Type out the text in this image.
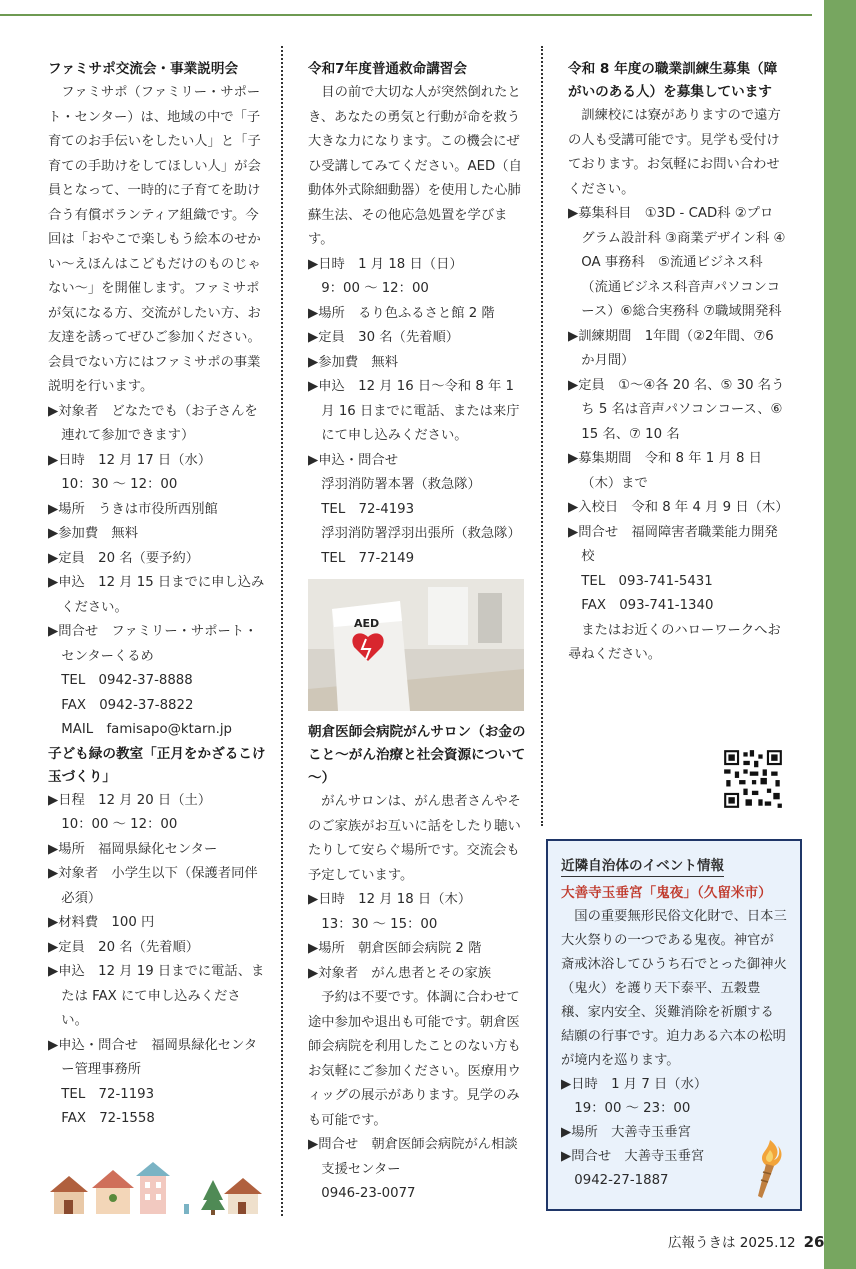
ファミサポ交流会・事業説明会
ファミサポ（ファミリー・サポート・センター）は、地域の中で「子育てのお手伝いをしたい人」と「子育ての手助けをしてほしい人」が会員となって、一時的に子育てを助け合う有償ボランティア組織です。今回は「おやこで楽しもう絵本のせかい～えほんはこどもだけのものじゃない～」を開催します。ファミサポが気になる方、交流がしたい方、お友達を誘ってぜひご参加ください。会員でない方にはファミサポの事業説明を行います。
▶対象者　どなたでも（お子さんを連れて参加できます）
▶日時　12 月 17 日（水）
10：30 ～ 12：00
▶場所　うきは市役所西別館
▶参加費　無料
▶定員　20 名（要予約）
▶申込　12 月 15 日までに申し込みください。
▶問合せ　ファミリー・サポート・センターくるめ
TEL　0942-37-8888
FAX　0942-37-8822
MAIL　famisapo@ktarn.jp
子ども緑の教室「正月をかざるこけ玉づくり」
▶日程　12 月 20 日（土）
10：00 ～ 12：00
▶場所　福岡県緑化センター
▶対象者　小学生以下（保護者同伴必須）
▶材料費　100 円
▶定員　20 名（先着順）
▶申込　12 月 19 日までに電話、または FAX にて申し込みください。
▶申込・問合せ　福岡県緑化センター管理事務所
TEL　72-1193
FAX　72-1558
令和7年度普通救命講習会
目の前で大切な人が突然倒れたとき、あなたの勇気と行動が命を救う大きな力になります。この機会にぜひ受講してみてください。AED（自動体外式除細動器）を使用した心肺蘇生法、その他応急処置を学びます。
▶日時　1 月 18 日（日）
9：00 ～ 12：00
▶場所　るり色ふるさと館 2 階
▶定員　30 名（先着順）
▶参加費　無料
▶申込　12 月 16 日～令和 8 年 1 月 16 日までに電話、または来庁にて申し込みください。
▶申込・問合せ
浮羽消防署本署（救急隊）
TEL　72-4193
浮羽消防署浮羽出張所（救急隊）TEL　77-2149
AED
朝倉医師会病院がんサロン（お金のこと～がん治療と社会資源について～）
がんサロンは、がん患者さんやそのご家族がお互いに話をしたり聴いたりして安らぐ場所です。交流会も予定しています。
▶日時　12 月 18 日（木）
13：30 ～ 15：00
▶場所　朝倉医師会病院 2 階
▶対象者　がん患者とその家族
予約は不要です。体調に合わせて途中参加や退出も可能です。朝倉医師会病院を利用したことのない方もお気軽にご参加ください。医療用ウィッグの展示があります。見学のみも可能です。
▶問合せ　朝倉医師会病院がん相談支援センター
0946-23-0077
令和 8 年度の職業訓練生募集（障がいのある人）を募集しています
訓練校には寮がありますので遠方の人も受講可能です。見学も受付けております。お気軽にお問い合わせください。
▶募集科目　①3D - CAD科 ②プログラム設計科 ③商業デザイン科 ④ OA 事務科　⑤流通ビジネス科（流通ビジネス科音声パソコンコース）⑥総合実務科 ⑦職域開発科
▶訓練期間　1年間（②2年間、⑦6か月間）
▶定員　①～④各 20 名、⑤ 30 名うち 5 名は音声パソコンコース、⑥ 15 名、⑦ 10 名
▶募集期間　令和 8 年 1 月 8 日（木）まで
▶入校日　令和 8 年 4 月 9 日（木）
▶問合せ　福岡障害者職業能力開発校
TEL　093-741-5431
FAX　093-741-1340
またはお近くのハローワークへお尋ねください。
近隣自治体のイベント情報
大善寺玉垂宮「鬼夜」（久留米市）
国の重要無形民俗文化財で、日本三大火祭りの一つである鬼夜。神官が斎戒沐浴してひうち石でとった御神火（鬼火）を護り天下泰平、五穀豊穣、家内安全、災難消除を祈願する結願の行事です。迫力ある六本の松明が境内を巡ります。
▶日時　1 月 7 日（水）
19：00 ～ 23：00
▶場所　大善寺玉垂宮
▶問合せ　大善寺玉垂宮
0942-27-1887
広報うきは 2025.12 26
